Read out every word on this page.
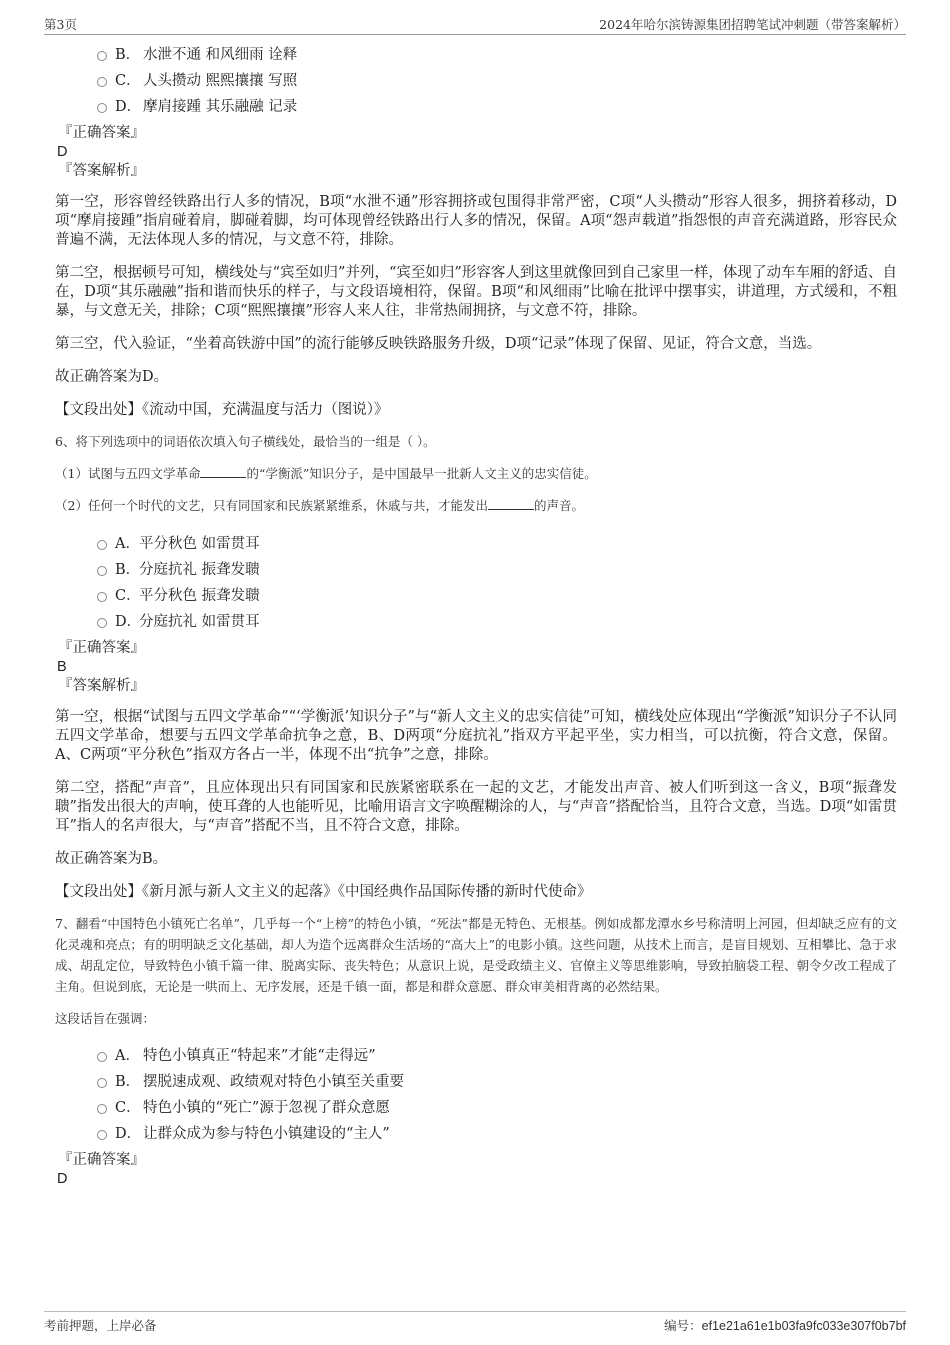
第3页	2024年哈尔滨铸源集团招聘笔试冲刺题（带答案解析）
B． 水泄不通 和风细雨 诠释
C． 人头攒动 熙熙攘攘 写照
D． 摩肩接踵 其乐融融 记录
『正确答案』
D
『答案解析』

第一空，形容曾经铁路出行人多的情况，B项“水泄不通”形容拥挤或包围得非常严密，C项“人头攒动”形容人很多，拥挤着移动，D项“摩肩接踵”指肩碰着肩，脚碰着脚，均可体现曾经铁路出行人多的情况，保留。A项“怨声载道”指怨恨的声音充满道路，形容民众普遍不满，无法体现人多的情况，与文意不符，排除。

第二空，根据顿号可知，横线处与“宾至如归”并列，“宾至如归”形容客人到这里就像回到自己家里一样，体现了动车车厢的舒适、自在，D项“其乐融融”指和谐而快乐的样子，与文段语境相符，保留。B项“和风细雨”比喻在批评中摆事实，讲道理，方式缓和，不粗暴，与文意无关，排除；C项“熙熙攘攘”形容人来人往，非常热闹拥挤，与文意不符，排除。

第三空，代入验证，“坐着高铁游中国”的流行能够反映铁路服务升级，D项“记录”体现了保留、见证，符合文意，当选。

故正确答案为D。

【文段出处】《流动中国，充满温度与活力（图说）》

6、将下列选项中的词语依次填入句子横线处，最恰当的一组是（ ）。

（1）试图与五四文学革命	的“学衡派”知识分子，是中国最早一批新人文主义的忠实信徒。

（2）任何一个时代的文艺，只有同国家和民族紧紧维系，休戚与共，才能发出	的声音。

A． 平分秋色 如雷贯耳
B．
分庭抗礼 振聋发聩
C．
平分秋色 振聋发聩
D．
分庭抗礼 如雷贯耳
『正确答案』
B
『答案解析』

第一空，根据“试图与五四文学革命”“‘学衡派’知识分子”与“新人文主义的忠实信徒”可知，横线处应体现出“学衡派”知识分子不认同五四文学革命，想要与五四文学革命抗争之意，B、D两项“分庭抗礼”指双方平起平坐，实力相当，可以抗衡，符合文意，保留。A、C两项“平分秋色”指双方各占一半，体现不出“抗争”之意，排除。

第二空，搭配“声音”，且应体现出只有同国家和民族紧密联系在一起的文艺，才能发出声音、被人们听到这一含义，B项“振聋发聩”指发出很大的声响，使耳聋的人也能听见，比喻用语言文字唤醒糊涂的人，与“声音”搭配恰当，且符合文意，当选。D项“如雷贯耳”指人的名声很大，与“声音”搭配不当，且不符合文意，排除。

故正确答案为B。

【文段出处】《新月派与新人文主义的起落》《中国经典作品国际传播的新时代使命》

7、翻看“中国特色小镇死亡名单”，几乎每一个“上榜”的特色小镇，“死法”都是无特色、无根基。例如成都龙潭水乡号称清明上河园，但却缺乏应有的文化灵魂和亮点；有的明明缺乏文化基础，却人为造个远离群众生活场的“高大上”的电影小镇。这些问题，从技术上而言，是盲目规划、互相攀比、急于求成、胡乱定位，导致特色小镇千篇一律、脱离实际、丧失特色；从意识上说，是受政绩主义、官僚主义等思维影响，导致拍脑袋工程、朝令夕改工程成了主角。但说到底，无论是一哄而上、无序发展，还是千镇一面，都是和群众意愿、群众审美相背离的必然结果。

这段话旨在强调：

A． 特色小镇真正“特起来”才能“走得远”
B． 摆脱速成观、政绩观对特色小镇至关重要
C． 特色小镇的“死亡”源于忽视了群众意愿
D． 让群众成为参与特色小镇建设的“主人”
『正确答案』
D
考前押题，上岸必备	编号：ef1e21a61e1b03fa9fc033e307f0b7bf
